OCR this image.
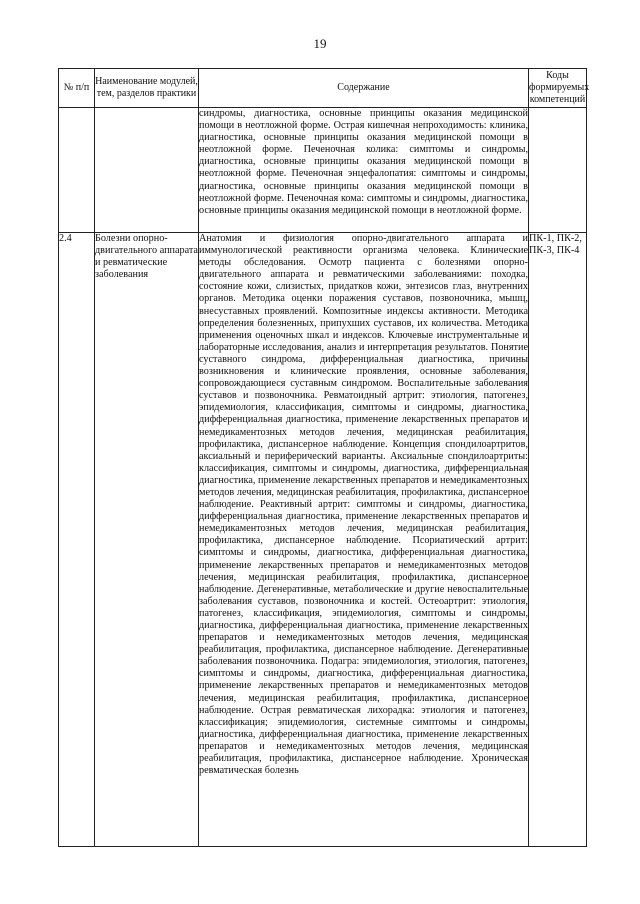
19
№ п/п	Наименование модулей, тем, разделов практики	Содержание	Коды формируемых компетенций

		синдромы, диагностика, основные принципы оказания медицинской помощи в неотложной форме. Острая кишечная непроходимость: клиника, диагностика, основные принципы оказания медицинской помощи в неотложной форме. Печеночная колика: симптомы и синдромы, диагностика, основные принципы оказания медицинской помощи в неотложной форме. Печеночная энцефалопатия: симптомы и синдромы, диагностика, основные принципы оказания медицинской помощи в неотложной форме. Печеночная кома: симптомы и синдромы, диагностика, основные принципы оказания медицинской помощи в неотложной форме.	

2.4	Болезни опорно-двигательного аппарата и ревматические заболевания	Анатомия и физиология опорно-двигательного аппарата и иммунологической реактивности организма человека. Клинические методы обследования. Осмотр пациента с болезнями опорно-двигательного аппарата и ревматическими заболеваниями: походка, состояние кожи, слизистых, придатков кожи, энтезисов глаз, внутренних органов. Методика оценки поражения суставов, позвоночника, мышц, внесуставных проявлений. Композитные индексы активности. Методика определения болезненных, припухших суставов, их количества. Методика применения оценочных шкал и индексов. Ключевые инструментальные и лабораторные исследования, анализ и интерпретация результатов. Понятие суставного синдрома, дифференциальная диагностика, причины возникновения и клинические проявления, основные заболевания, сопровождающиеся суставным синдромом. Воспалительные заболевания суставов и позвоночника. Ревматоидный артрит: этиология, патогенез, эпидемиология, классификация, симптомы и синдромы, диагностика, дифференциальная диагностика, применение лекарственных препаратов и немедикаментозных методов лечения, медицинская реабилитация, профилактика, диспансерное наблюдение. Концепция спондилоартритов, аксиальный и периферический варианты. Аксиальные спондилоартриты: классификация, симптомы и синдромы, диагностика, дифференциальная диагностика, применение лекарственных препаратов и немедикаментозных методов лечения, медицинская реабилитация, профилактика, диспансерное наблюдение. Реактивный артрит: симптомы и синдромы, диагностика, дифференциальная диагностика, применение лекарственных препаратов и немедикаментозных методов лечения, медицинская реабилитация, профилактика, диспансерное наблюдение. Псориатический артрит: симптомы и синдромы, диагностика, дифференциальная диагностика, применение лекарственных препаратов и немедикаментозных методов лечения, медицинская реабилитация, профилактика, диспансерное наблюдение. Дегенеративные, метаболические и другие невоспалительные заболевания суставов, позвоночника и костей. Остеоартрит: этиология, патогенез, классификация, эпидемиология, симптомы и синдромы, диагностика, дифференциальная диагностика, применение лекарственных препаратов и немедикаментозных методов лечения, медицинская реабилитация, профилактика, диспансерное наблюдение. Дегенеративные заболевания позвоночника. Подагра: эпидемиология, этиология, патогенез, симптомы и синдромы, диагностика, дифференциальная диагностика, применение лекарственных препаратов и немедикаментозных методов лечения, медицинская реабилитация, профилактика, диспансерное наблюдение. Острая ревматическая лихорадка: этиология и патогенез, классификация; эпидемиология, системные симптомы и синдромы, диагностика, дифференциальная диагностика, применение лекарственных препаратов и немедикаментозных методов лечения, медицинская реабилитация, профилактика, диспансерное наблюдение. Хроническая ревматическая болезнь	ПК-1, ПК-2, ПК-3, ПК-4
